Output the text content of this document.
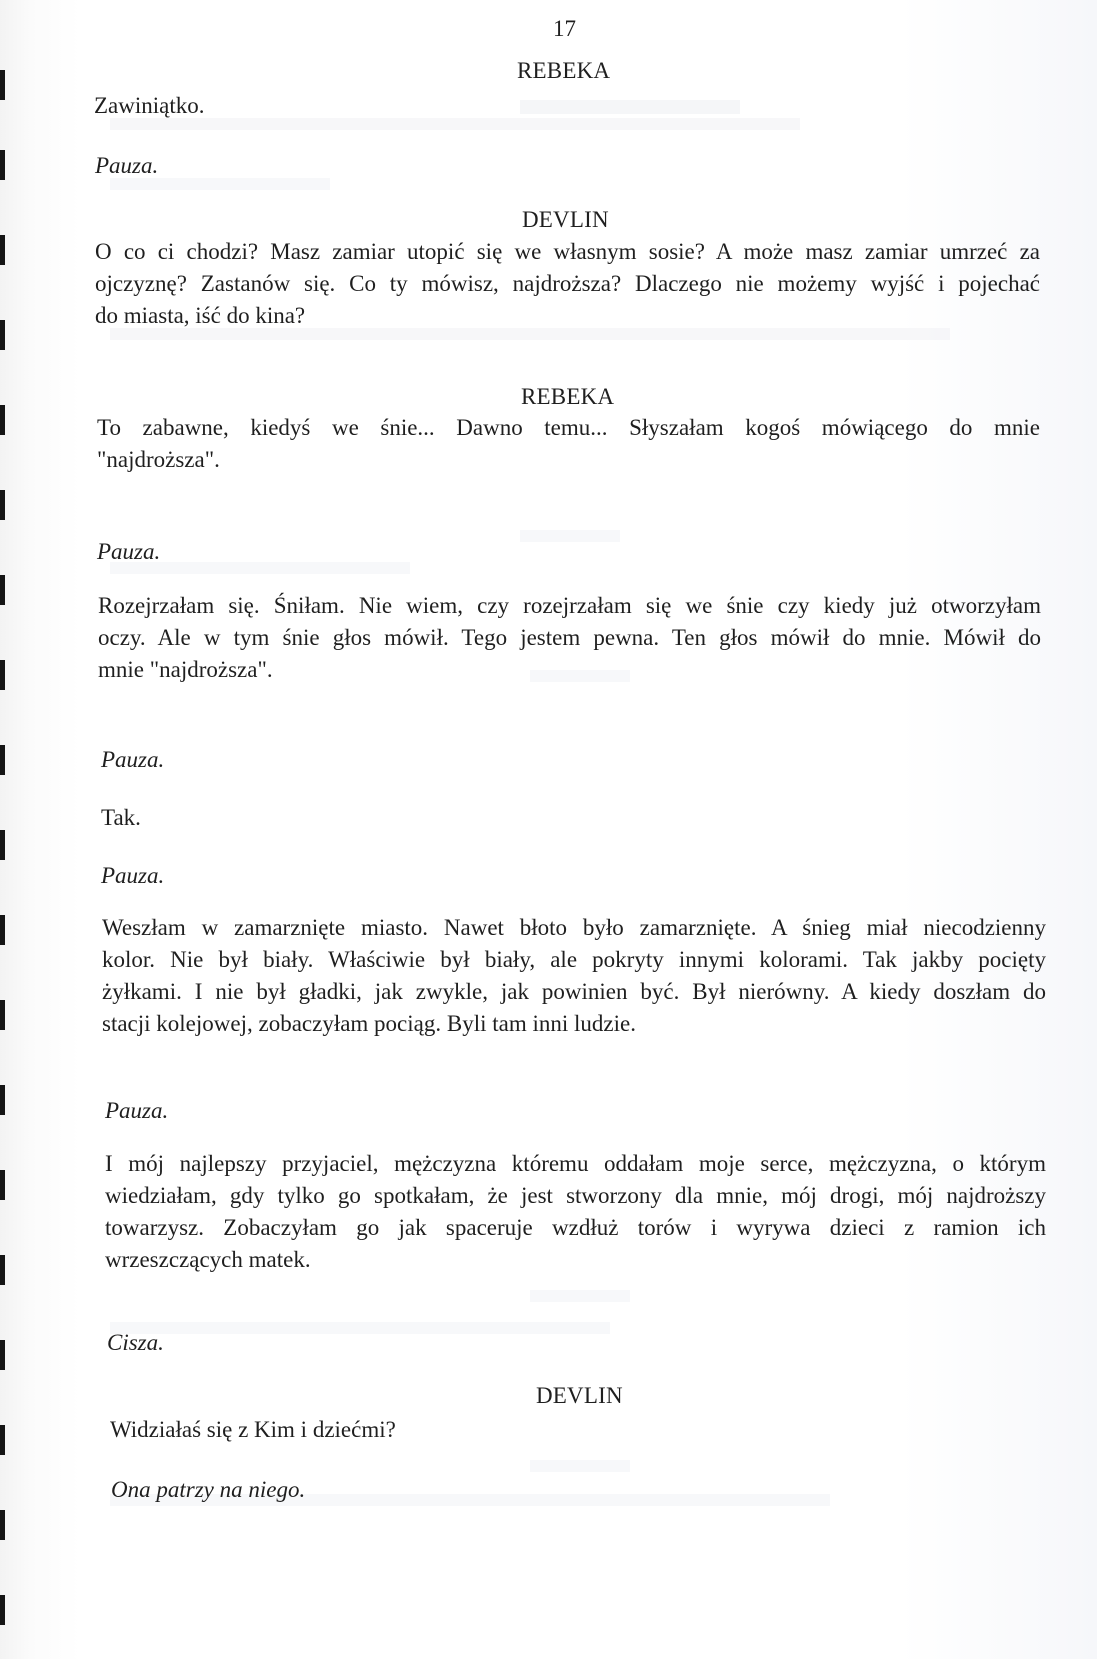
17
REBEKA
Zawiniątko.
Pauza.
DEVLIN
O co ci chodzi? Masz zamiar utopić się we własnym sosie? A może masz zamiar umrzeć za
ojczyznę? Zastanów się. Co ty mówisz, najdroższa? Dlaczego nie możemy wyjść i pojechać
do miasta, iść do kina?
REBEKA
To zabawne, kiedyś we śnie... Dawno temu... Słyszałam kogoś mówiącego do mnie
"najdroższa".
Pauza.
Rozejrzałam się. Śniłam. Nie wiem, czy rozejrzałam się we śnie czy kiedy już otworzyłam
oczy. Ale w tym śnie głos mówił. Tego jestem pewna. Ten głos mówił do mnie. Mówił do
mnie "najdroższa".
Pauza.
Tak.
Pauza.
Weszłam w zamarznięte miasto. Nawet błoto było zamarznięte. A śnieg miał niecodzienny
kolor. Nie był biały. Właściwie był biały, ale pokryty innymi kolorami. Tak jakby pocięty
żyłkami. I nie był gładki, jak zwykle, jak powinien być. Był nierówny. A kiedy doszłam do
stacji kolejowej, zobaczyłam pociąg. Byli tam inni ludzie.
Pauza.
I mój najlepszy przyjaciel, mężczyzna któremu oddałam moje serce, mężczyzna, o którym
wiedziałam, gdy tylko go spotkałam, że jest stworzony dla mnie, mój drogi, mój najdroższy
towarzysz. Zobaczyłam go jak spaceruje wzdłuż torów i wyrywa dzieci z ramion ich
wrzeszczących matek.
Cisza.
DEVLIN
Widziałaś się z Kim i dziećmi?
Ona patrzy na niego.
